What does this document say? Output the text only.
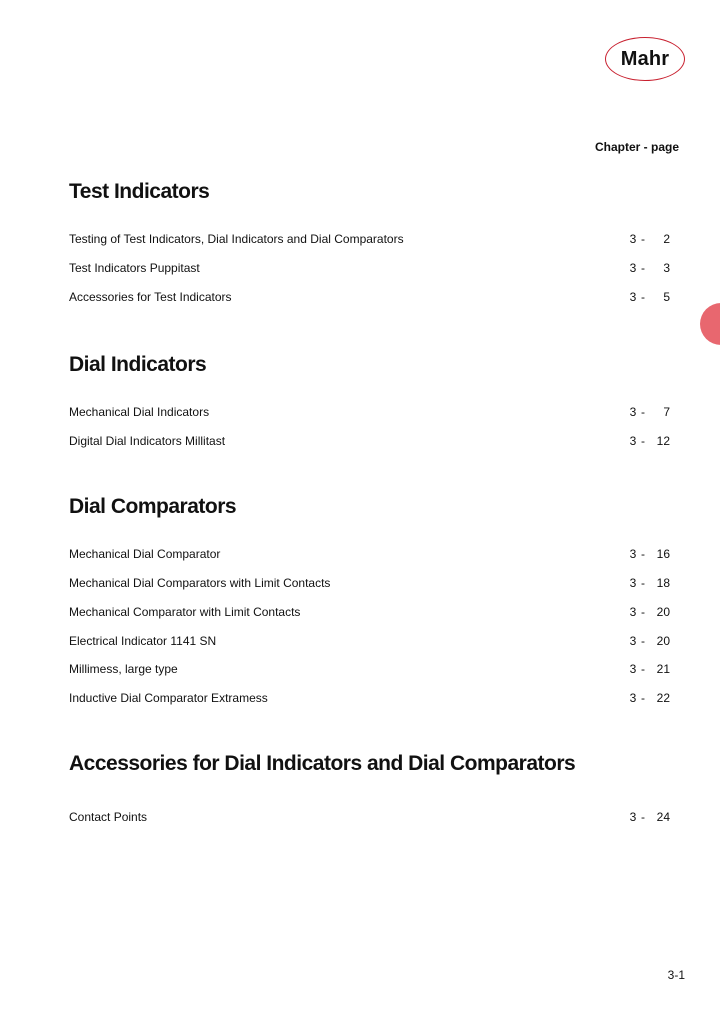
Mahr
Chapter - page
Test Indicators
Testing of Test Indicators, Dial Indicators and Dial Comparators	3 - 2
Test Indicators Puppitast	3 - 3
Accessories for Test Indicators	3 - 5
Dial Indicators
Mechanical Dial Indicators	3 - 7
Digital Dial Indicators Millitast	3 - 12
Dial Comparators
Mechanical Dial Comparator	3 - 16
Mechanical Dial Comparators with Limit Contacts	3 - 18
Mechanical Comparator with Limit Contacts	3 - 20
Electrical Indicator 1141 SN	3 - 20
Millimess, large type	3 - 21
Inductive Dial Comparator Extramess	3 - 22
Accessories for Dial Indicators and Dial Comparators
Contact Points	3 - 24
3-1
